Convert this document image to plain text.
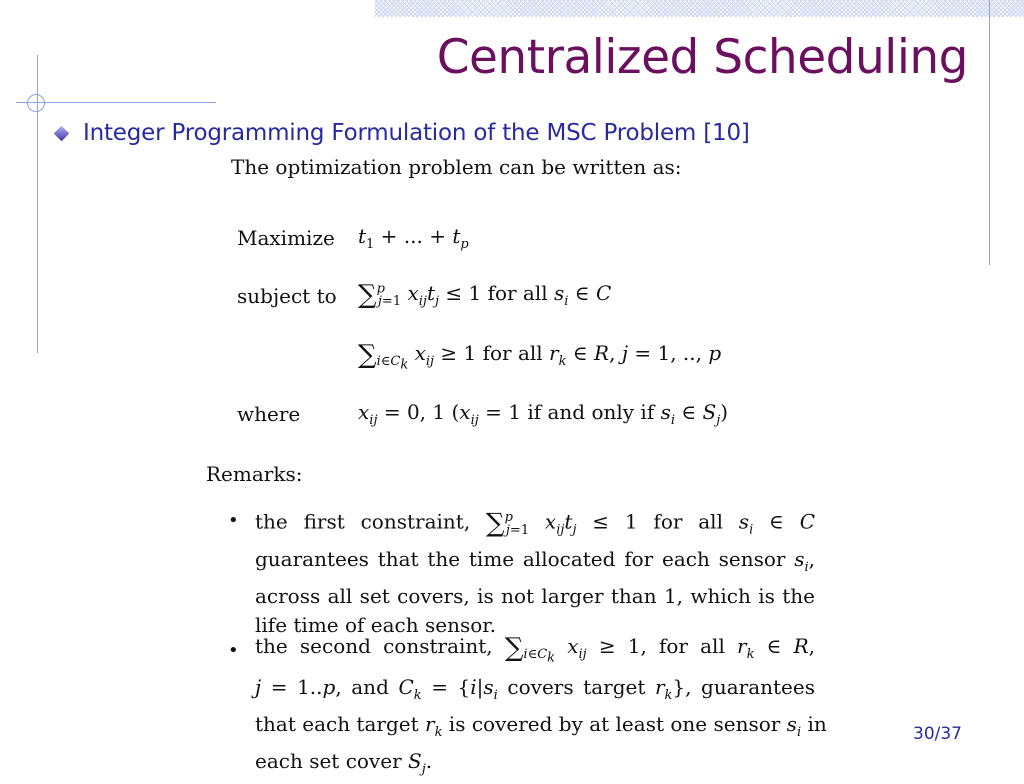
Centralized Scheduling
Integer Programming Formulation of the MSC Problem [10]
The optimization problem can be written as:
Maximize $t_1$ + ... + $t_p$
subject to ∑$^p_{j=1}$ $x_{ij}t_j \le 1$ for all $s_i$ ∈ C
$\sum_{i\in C_k}$ $x_{ij} \ge 1$ for all $r_k$ ∈ R, j = 1, .., p
where	$x_{ij} = 0$, 1 ($x_{ij} = 1$ if and only if $s_i$ ∈ $S_j$)
Remarks:
• the first constraint, ∑$^p_{j=1}$ $x_{ij}t_j \le 1$ for all $s_i$ ∈ C
guarantees that the time allocated for each sensor $s_i$,
across all set covers, is not larger than 1, which is the
life time of each sensor.
• the second constraint, $\sum_{i\in C_k}$ $x_{ij} \ge 1$, for all $r_k$ ∈ R,
j = 1..p, and $C_k = \{i|s_i$ covers target $r_k$}, guarantees
that each target $r_k$ is covered by at least one sensor $s_i$ in
each set cover $S_j$.
30/37
